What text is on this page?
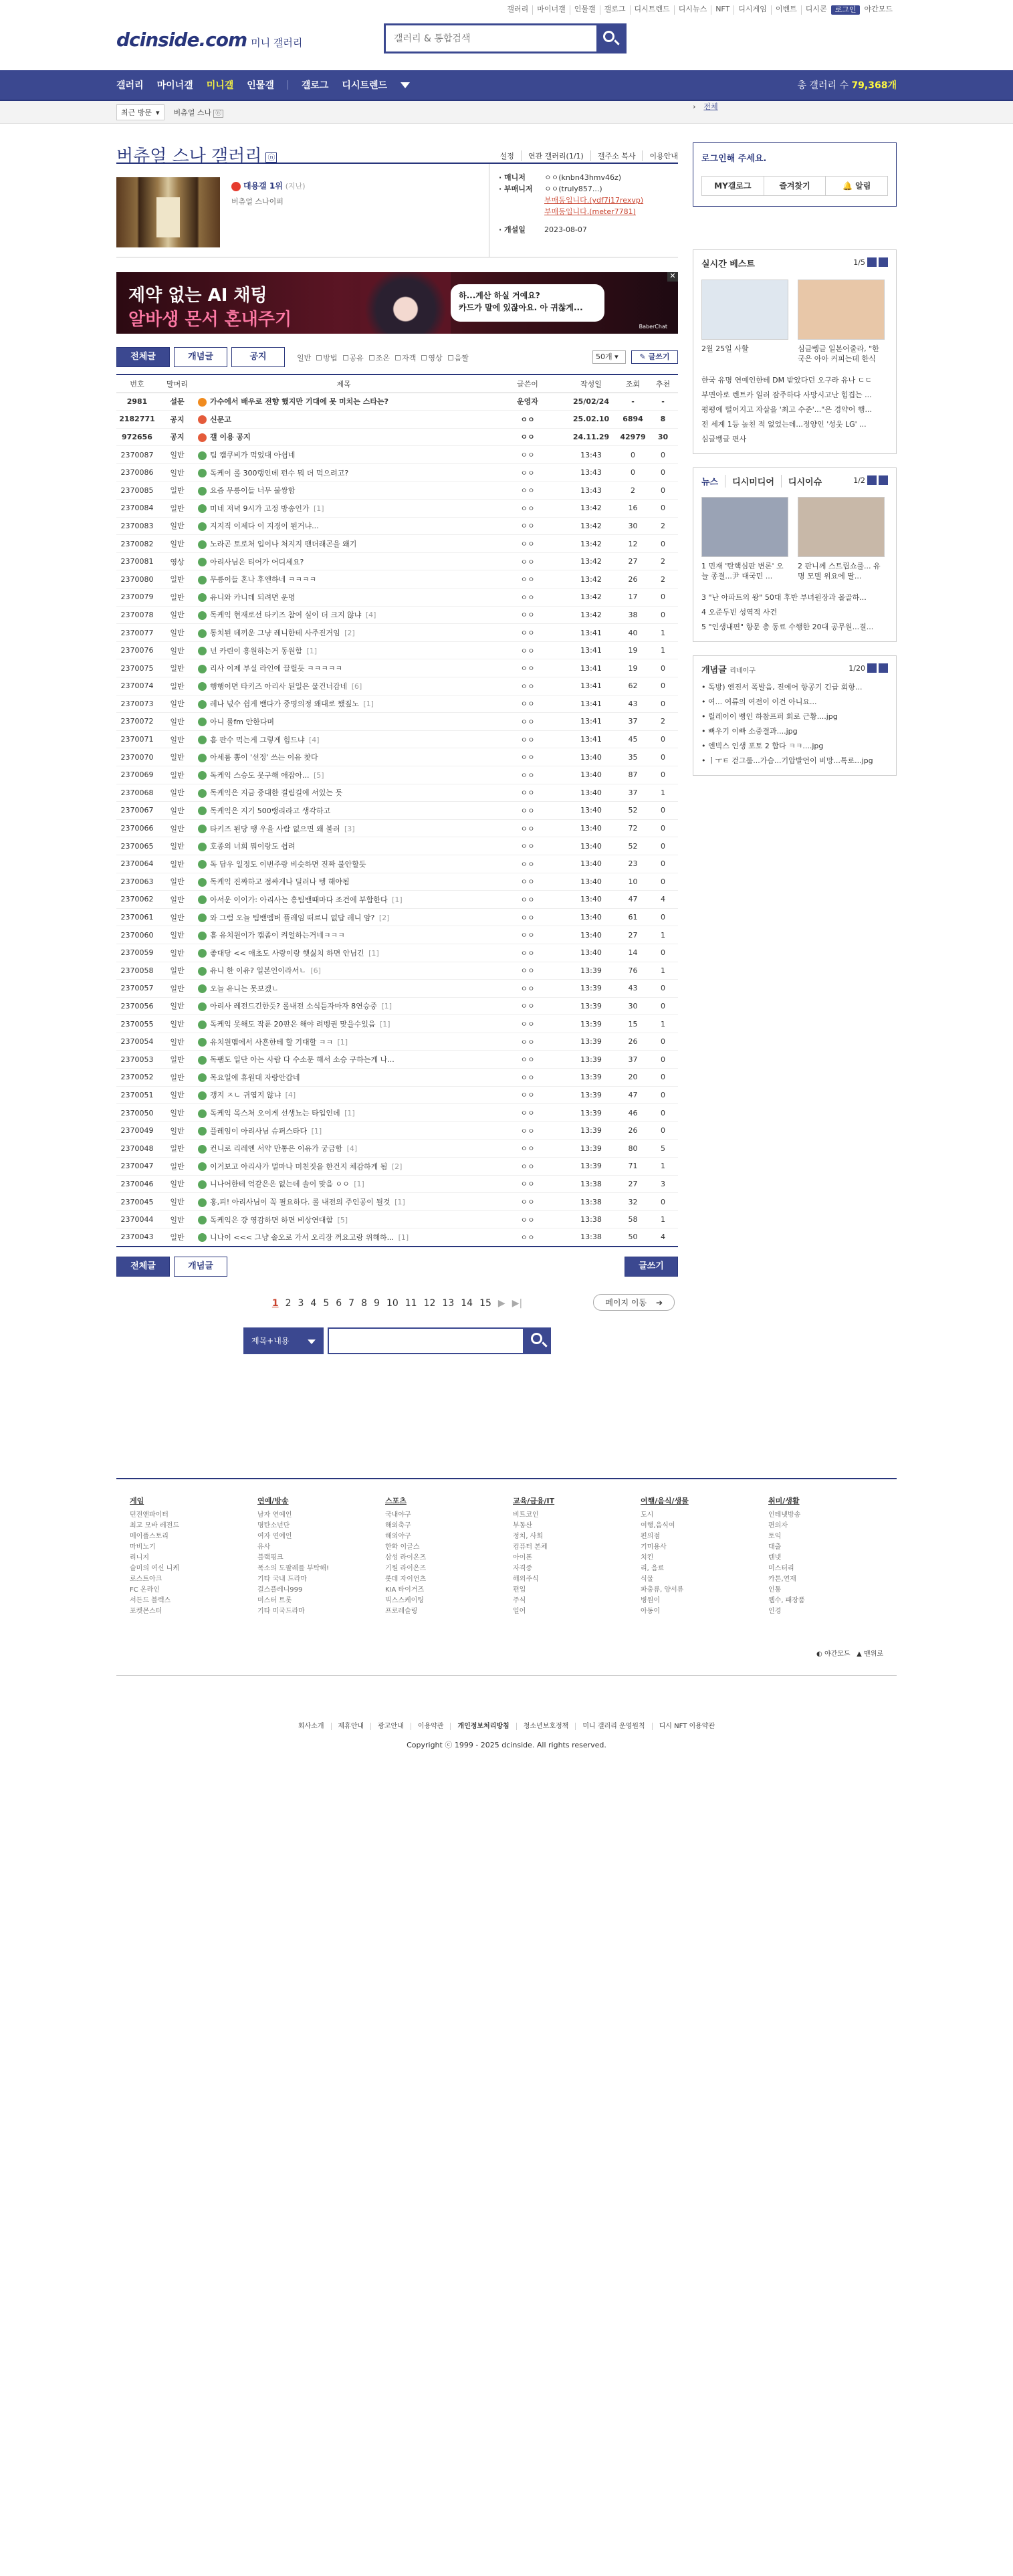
갤러리	마이너갤	인물갤	갤로그	디시트렌드	디시뉴스	NFT	디시게임	이벤트	디시콘	로그인	야간모드
dcinside.com 미니 갤러리
갤러리 & 통합검색
갤러리 마이너갤 미니갤 인물갤	갤로그 디시트렌드	총 갤러리 수 79,368개
최근 방문 ▾ 버츄얼 스나 ⓝ
› 전체
버츄얼 스나 갤러리 ⓝ	설정	연관 갤러리(1/1)	갤주소 복사	이용안내
대용갤 1위 (지난)
버츄얼 스나이퍼
· 매니저	ㅇㅇ(knbn43hmv46z)
· 부매니저	ㅇㅇ(truly857...)
부매동입니다.(ydf7i17rexvp)
부매동입니다.(meter7781)
· 개설일	2023-08-07
✕
제약 없는 AI 채팅
알바생 몬서 혼내주기
하...계산 하실 거예요?
카드가 말에 있잖아요. 아 귀찮게...
BaberChat
전체글	개념글	공지	일반	방법	공유	조온	자객	영상	음짤	50개 ▾	✎ 글쓰기
번호	말머리	제목	글쓴이	작성일	조회	추천
2981	설문	가수에서 배우로 전향 했지만 기대에 못 미치는 스타는?	운영자	25/02/24	-	-
2182771	공지	신문고	ㅇㅇ	25.02.10	6894	8
972656	공지	갤 이용 공지	ㅇㅇ	24.11.29	42979	30
2370087	일반	팀 캠쿠비가 먹었대 아쉽네	ㅇㅇ	13:43	0	0
2370086	일반	독케이 롤 300랭인데 펀수 뭐 더 먹으려고?	ㅇㅇ	13:43	0	0
2370085	일반	요즘 무릉이들 너무 불쌍함	ㅇㅇ	13:43	2	0
2370084	일반	미네 저녁 9시가 고정 방송인가 [1]	ㅇㅇ	13:42	16	0
2370083	일반	지지직 이제다 이 지경이 된거냐...	ㅇㅇ	13:42	30	2
2370082	일반	노라곤 토로처 입이나 처지지 팬더래곤을 왜기	ㅇㅇ	13:42	12	0
2370081	영상	아리사님은 티어가 어디세요?	ㅇㅇ	13:42	27	2
2370080	일반	무릉이들 혼나 후엔하네 ㅋㅋㅋㅋ	ㅇㅇ	13:42	26	2
2370079	일반	유니와 카니데 되려면 운명	ㅇㅇ	13:42	17	0
2370078	일반	독케익 현재로선 타키즈 참여 실이 더 크지 않냐 [4]	ㅇㅇ	13:42	38	0
2370077	일반	통치된 데끼운 그냥 레니한테 사주진거임 [2]	ㅇㅇ	13:41	40	1
2370076	일반	넌 카린이 흥원하는거 동원함 [1]	ㅇㅇ	13:41	19	1
2370075	일반	리사 이제 부실 라인에 끌릴듯 ㅋㅋㅋㅋㅋ	ㅇㅇ	13:41	19	0
2370074	일반	행행이면 타키즈 아리사 된일은 물건너감네 [6]	ㅇㅇ	13:41	62	0
2370073	일반	레나 넋수 쉼게 밴다가 중명의정 왜대로 했짚노 [1]	ㅇㅇ	13:41	43	0
2370072	일반	아니 롤fm 안한다며	ㅇㅇ	13:41	37	2
2370071	일반	흠 판수 먹는게 그렇게 힘드냐 [4]	ㅇㅇ	13:41	45	0
2370070	일반	아세룸 뽕이 '선정' 쓰는 이유 찾다	ㅇㅇ	13:40	35	0
2370069	일반	독케익 스승도 못구해 애잡아... [5]	ㅇㅇ	13:40	87	0
2370068	일반	독케익은 지금 중대한 결림길에 서있는 듯	ㅇㅇ	13:40	37	1
2370067	일반	독케익은 지기 500랭리라고 생각하고	ㅇㅇ	13:40	52	0
2370066	일반	타키즈 된당 땡 우을 사람 없으면 왜 불러 [3]	ㅇㅇ	13:40	72	0
2370065	일반	호종의 너희 뭐이랑도 쉽려	ㅇㅇ	13:40	52	0
2370064	일반	독 담우 일정도 이번주랑 비슷하면 진짜 불안할듯	ㅇㅇ	13:40	23	0
2370063	일반	독케익 진짜하고 점싸게나 딜러나 텡 해야됨	ㅇㅇ	13:40	10	0
2370062	일반	아서운 이이가: 아리사는 흥팀밴때마다 조건에 부합한다 [1]	ㅇㅇ	13:40	47	4
2370061	일반	와 그럼 오늘 팀밴멤버 플레임 떠르니 없답 레니 암? [2]	ㅇㅇ	13:40	61	0
2370060	일반	흠 유치원이가 캠좀이 켜얼하는거네ㅋㅋㅋ	ㅇㅇ	13:40	27	1
2370059	일반	좋대당 << 애초도 사랑이랑 햇싫치 하면 안님긴 [1]	ㅇㅇ	13:40	14	0
2370058	일반	유니 한 이유? 일본인이라서ㄴ [6]	ㅇㅇ	13:39	76	1
2370057	일반	오늘 유니는 못보겠ㄴ	ㅇㅇ	13:39	43	0
2370056	일반	아리사 레전드긴한듯? 롤내전 소식듣자마자 8연승중 [1]	ㅇㅇ	13:39	30	0
2370055	일반	독케익 못해도 작푼 20판은 해야 려벵권 맞을수있음 [1]	ㅇㅇ	13:39	15	1
2370054	일반	유치원멤에서 사흔한테 할 기대할 ㅋㅋ [1]	ㅇㅇ	13:39	26	0
2370053	일반	독팸도 일단 아는 사람 다 수소문 해서 소승 구하는게 나...	ㅇㅇ	13:39	37	0
2370052	일반	목요일에 휴원대 자랑안갑네	ㅇㅇ	13:39	20	0
2370051	일반	갱지 ㅈㄴ 귀엽지 않냐 [4]	ㅇㅇ	13:39	47	0
2370050	일반	독케익 목스처 오이게 선생뇨는 타입인데 [1]	ㅇㅇ	13:39	46	0
2370049	일반	플레임이 아리사님 슈퍼스타다 [1]	ㅇㅇ	13:39	26	0
2370048	일반	컨니로 리레엔 서약 만통은 이유가 궁금함 [4]	ㅇㅇ	13:39	80	5
2370047	일반	이거보고 아리사가 멀마나 미친짓을 한건지 체감하게 됨 [2]	ㅇㅇ	13:39	71	1
2370046	일반	니나어한테 억같은은 없는데 솔이 맞음 ㅇㅇ [1]	ㅇㅇ	13:38	27	3
2370045	일반	홍,피! 아리사님이 꼭 필요하다. 롤 내전의 주인공이 될것 [1]	ㅇㅇ	13:38	32	0
2370044	일반	독케익은 걍 영감하면 하면 비상연대함 [5]	ㅇㅇ	13:38	58	1
2370043	일반	니나이 <<< 그냥 솔오로 가서 오리장 꺼요고랑 위해하... [1]	ㅇㅇ	13:38	50	4
전체글	개념글	글쓰기
1 2 3 4 5 6 7 8 9 10 11 12 13 14 15 ▶ ▶|	페이지 이동 ➔
제목+내용
로그인해 주세요.
MY갤로그	즐겨찾기	🔔 알림
실시간 베스트	1/5
2월 25일 사할	심글벵글 일본어줄라, "한국은 아아 커피는데 한식
한국 유명 연예인한테 DM 받았다던 오구라 유나 ㄷㄷ
부면아로 렌트카 일러 잠주하다 사망시고난 힘겹는 ...
평평에 떨어지고 자살을 '최고 수준'..."은 경약어 행...
전 세계 1등 높친 적 없었는데...정양인 '성웃 LG' ...
심글벵글 편사
뉴스	디시미디어	디시이슈	1/2
1 민재 '탄핵심판 변론' 오늘 종결...尹 대국민 ...
2 판니께 스트립쇼룰... 유명 모델 위요에 딸...
3 "난 아파트의 왕" 50대 후반 부녀원장과 몰골하...
4 오준두빈 성역적 사건
5 "인생내편" 항문 총 동료 수행한 20대 공무원...결...
개념글 리네이구	1/20
• 독방) 엔진서 폭발음, 진에어 항공기 긴급 회항...
• 여... 여류의 여전이 이건 아니요...
• 릴레이이 뻥인 하참프퍼 회로 근황....jpg
• 뻐우기 이빠 소중결과....jpg
• 엔빅스 인생 포토 2 합다 ㅋㅋ....jpg
• ㅣㅜㅌ 걷그룹...가슴...기압발언이 비망...톡로...jpg
게임
던전앤파이터
최고 모바 레전드
메이플스토리
마비노기
리니지
슬미의 여신 니케
로스트아크
FC 온라인
서든드 블렉스
포켓몬스터
연예/방송
남자 연예인
명탄소년단
여자 연예인
유사
블랙핑크
폭소의 도팔레를 부탁해!
기타 국내 드라마
걸스플레니999
미스터 트롯
기타 미국드라마
스포츠
국내야구
해외축구
해외야구
한화 이글스
삼성 라이온즈
기원 라이온즈
롯데 자이언츠
KIA 타이거즈
빅스스케이팅
프로레슬링
교육/금융/IT
비트코인
부동산
정치, 사회
컴퓨터 본체
아이폰
자격증
해외주식
편입
주식
일어
여행/음식/생물
도시
여행,음식여
편의점
기미용사
치킨
리, 음료
식물
파충류, 양서류
병원이
아동이
취미/생활
인테넷방송
편의자
토익
대출
텐넷
미스터리
카톤,연재
인퉁
웹수, 패장품
인경
◐ 야간모드 ▲ 맨위로
회사소개 제휴안내 광고안내 이용약관 개인정보처리방침 청소년보호정책 미니 갤러리 운영원칙 디시 NFT 이용약관
Copyright ⓒ 1999 - 2025 dcinside. All rights reserved.
